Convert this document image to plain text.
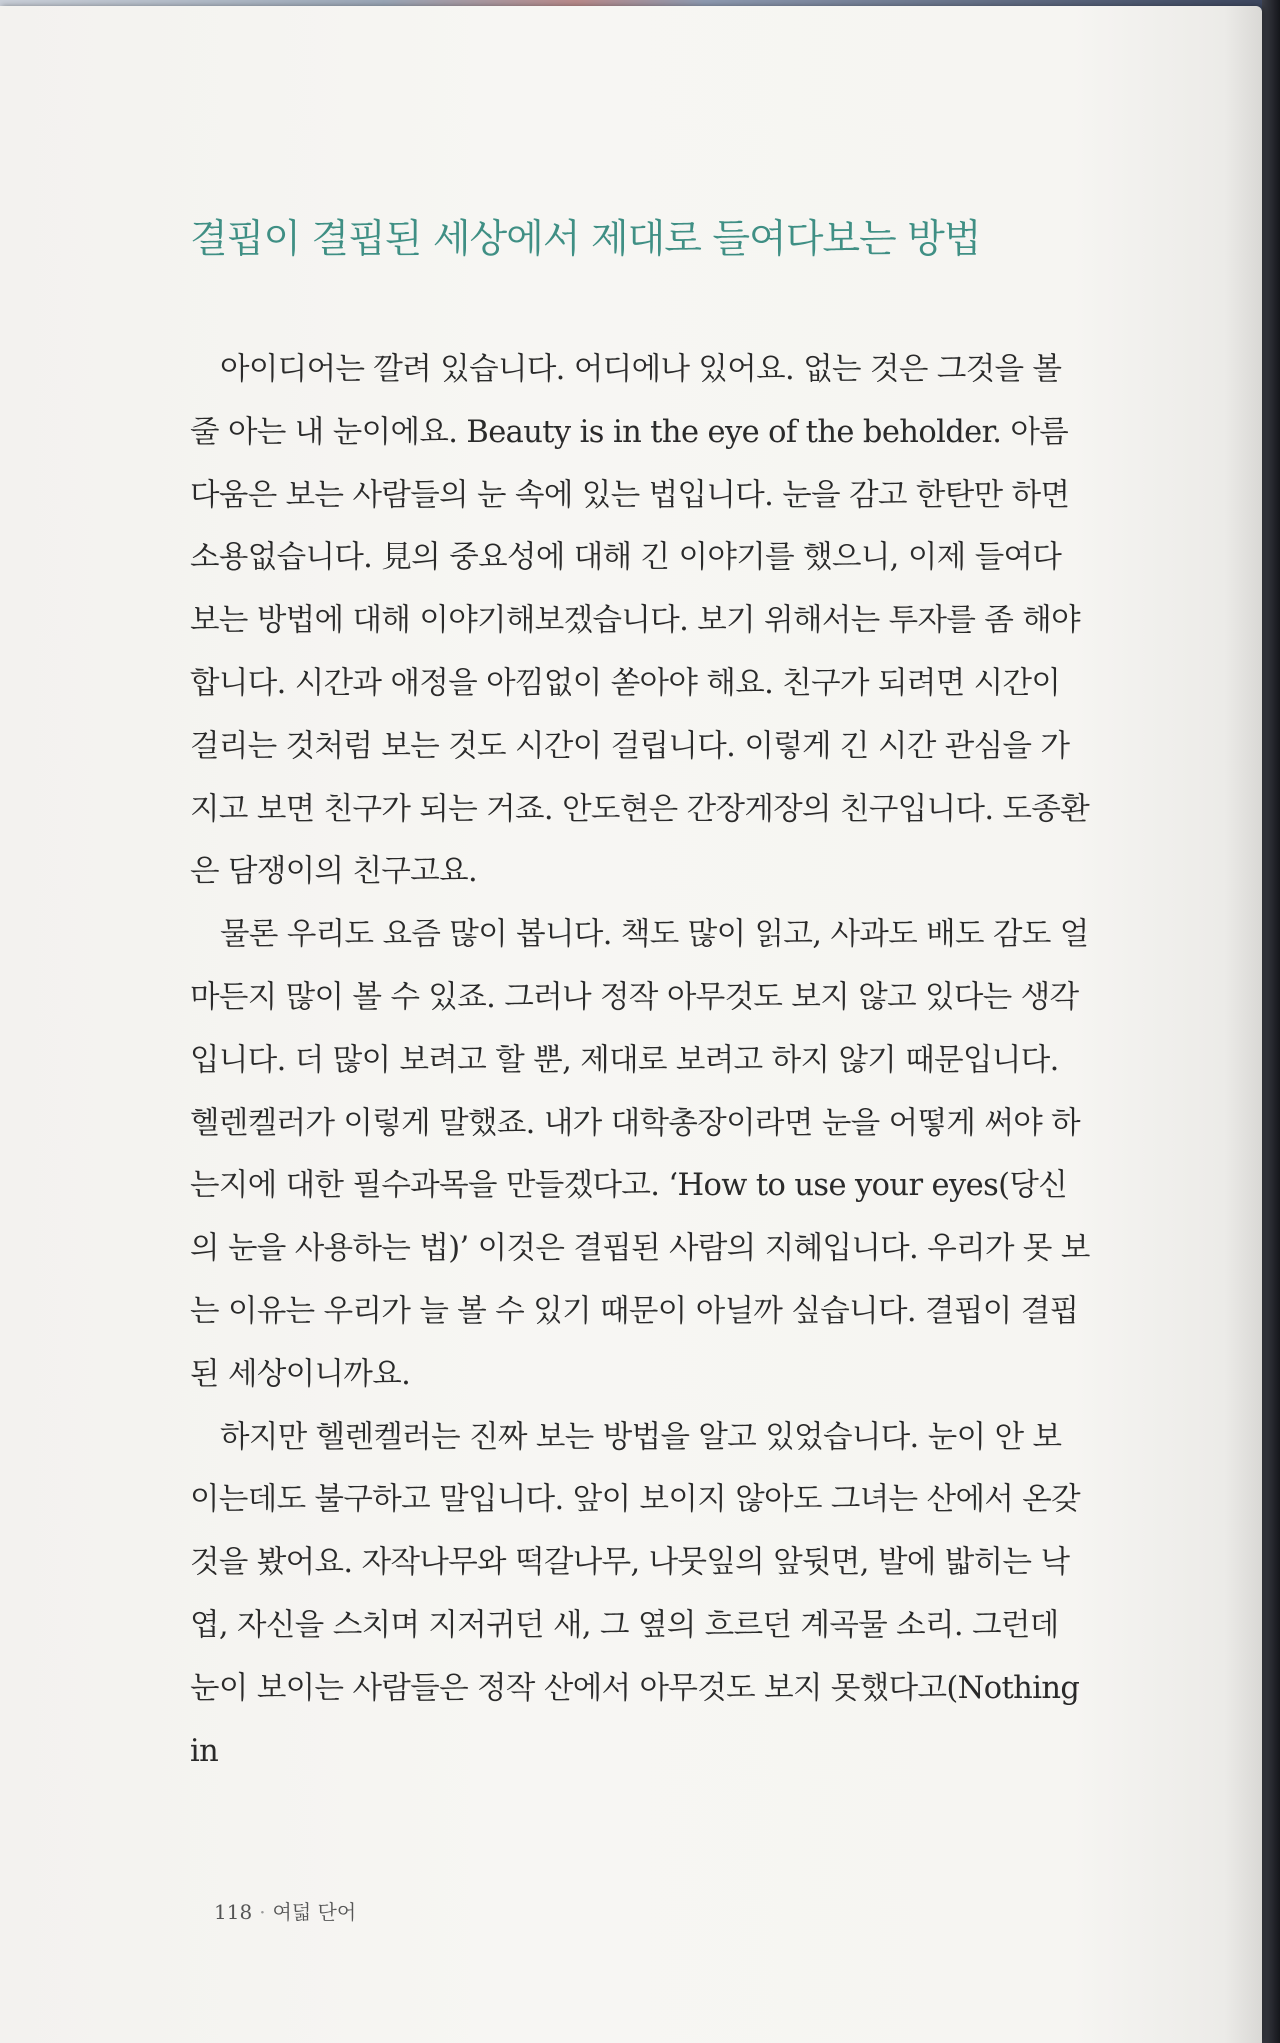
결핍이 결핍된 세상에서 제대로 들여다보는 방법

아이디어는 깔려 있습니다. 어디에나 있어요. 없는 것은 그것을 볼 줄 아는 내 눈이에요. Beauty is in the eye of the beholder. 아름다움은 보는 사람들의 눈 속에 있는 법입니다. 눈을 감고 한탄만 하면 소용없습니다. 見의 중요성에 대해 긴 이야기를 했으니, 이제 들여다보는 방법에 대해 이야기해보겠습니다. 보기 위해서는 투자를 좀 해야 합니다. 시간과 애정을 아낌없이 쏟아야 해요. 친구가 되려면 시간이 걸리는 것처럼 보는 것도 시간이 걸립니다. 이렇게 긴 시간 관심을 가지고 보면 친구가 되는 거죠. 안도현은 간장게장의 친구입니다. 도종환은 담쟁이의 친구고요.

물론 우리도 요즘 많이 봅니다. 책도 많이 읽고, 사과도 배도 감도 얼마든지 많이 볼 수 있죠. 그러나 정작 아무것도 보지 않고 있다는 생각입니다. 더 많이 보려고 할 뿐, 제대로 보려고 하지 않기 때문입니다. 헬렌켈러가 이렇게 말했죠. 내가 대학총장이라면 눈을 어떻게 써야 하는지에 대한 필수과목을 만들겠다고. ‘How to use your eyes(당신의 눈을 사용하는 법)’ 이것은 결핍된 사람의 지혜입니다. 우리가 못 보는 이유는 우리가 늘 볼 수 있기 때문이 아닐까 싶습니다. 결핍이 결핍된 세상이니까요.

하지만 헬렌켈러는 진짜 보는 방법을 알고 있었습니다. 눈이 안 보이는데도 불구하고 말입니다. 앞이 보이지 않아도 그녀는 산에서 온갖 것을 봤어요. 자작나무와 떡갈나무, 나뭇잎의 앞뒷면, 발에 밟히는 낙엽, 자신을 스치며 지저귀던 새, 그 옆의 흐르던 계곡물 소리. 그런데 눈이 보이는 사람들은 정작 산에서 아무것도 보지 못했다고(Nothing in

118 · 여덟 단어
